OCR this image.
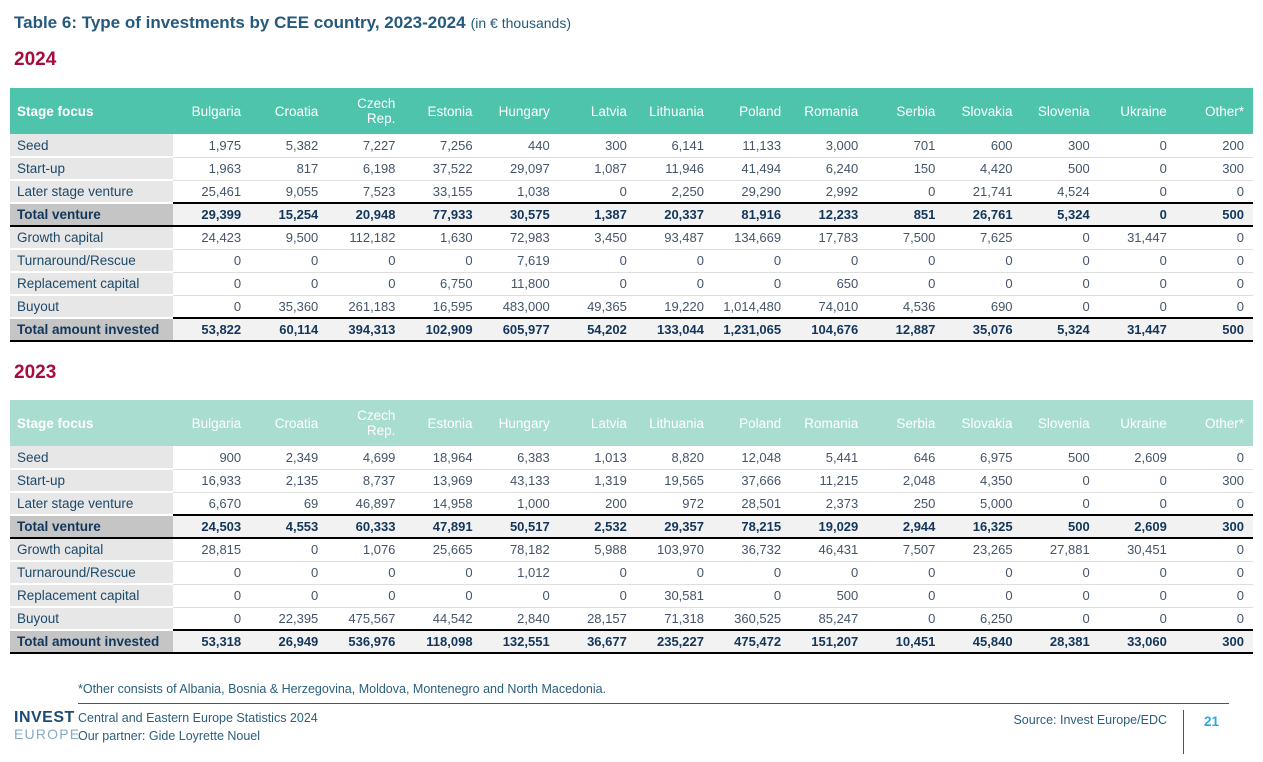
Table 6: Type of investments by CEE country, 2023-2024 (in € thousands)
2024
Stage focus	Bulgaria	Croatia	Czech Rep.	Estonia	Hungary	Latvia	Lithuania	Poland	Romania	Serbia	Slovakia	Slovenia	Ukraine	Other*
Seed	1,975	5,382	7,227	7,256	440	300	6,141	11,133	3,000	701	600	300	0	200
Start-up	1,963	817	6,198	37,522	29,097	1,087	11,946	41,494	6,240	150	4,420	500	0	300
Later stage venture	25,461	9,055	7,523	33,155	1,038	0	2,250	29,290	2,992	0	21,741	4,524	0	0
Total venture	29,399	15,254	20,948	77,933	30,575	1,387	20,337	81,916	12,233	851	26,761	5,324	0	500
Growth capital	24,423	9,500	112,182	1,630	72,983	3,450	93,487	134,669	17,783	7,500	7,625	0	31,447	0
Turnaround/Rescue	0	0	0	0	7,619	0	0	0	0	0	0	0	0	0
Replacement capital	0	0	0	6,750	11,800	0	0	0	650	0	0	0	0	0
Buyout	0	35,360	261,183	16,595	483,000	49,365	19,220	1,014,480	74,010	4,536	690	0	0	0
Total amount invested	53,822	60,114	394,313	102,909	605,977	54,202	133,044	1,231,065	104,676	12,887	35,076	5,324	31,447	500
2023
Stage focus	Bulgaria	Croatia	Czech Rep.	Estonia	Hungary	Latvia	Lithuania	Poland	Romania	Serbia	Slovakia	Slovenia	Ukraine	Other*
Seed	900	2,349	4,699	18,964	6,383	1,013	8,820	12,048	5,441	646	6,975	500	2,609	0
Start-up	16,933	2,135	8,737	13,969	43,133	1,319	19,565	37,666	11,215	2,048	4,350	0	0	300
Later stage venture	6,670	69	46,897	14,958	1,000	200	972	28,501	2,373	250	5,000	0	0	0
Total venture	24,503	4,553	60,333	47,891	50,517	2,532	29,357	78,215	19,029	2,944	16,325	500	2,609	300
Growth capital	28,815	0	1,076	25,665	78,182	5,988	103,970	36,732	46,431	7,507	23,265	27,881	30,451	0
Turnaround/Rescue	0	0	0	0	1,012	0	0	0	0	0	0	0	0	0
Replacement capital	0	0	0	0	0	0	30,581	0	500	0	0	0	0	0
Buyout	0	22,395	475,567	44,542	2,840	28,157	71,318	360,525	85,247	0	6,250	0	0	0
Total amount invested	53,318	26,949	536,976	118,098	132,551	36,677	235,227	475,472	151,207	10,451	45,840	28,381	33,060	300
*Other consists of Albania, Bosnia & Herzegovina, Moldova, Montenegro and North Macedonia.
INVEST
EUROPE
Central and Eastern Europe Statistics 2024
Our partner: Gide Loyrette Nouel
Source: Invest Europe/EDC	21
